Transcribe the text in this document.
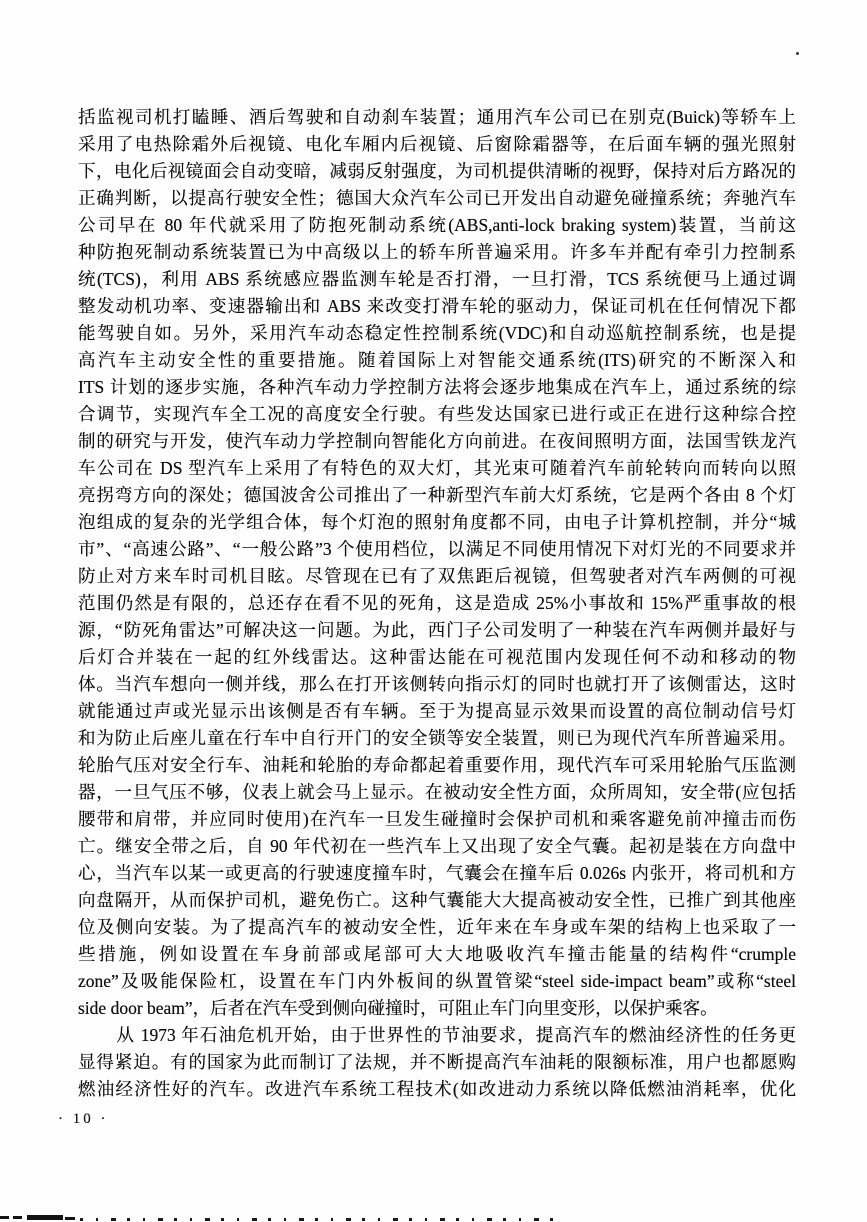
括监视司机打瞌睡、酒后驾驶和自动刹车装置；通用汽车公司已在别克(Buick)等轿车上
采用了电热除霜外后视镜、电化车厢内后视镜、后窗除霜器等，在后面车辆的强光照射
下，电化后视镜面会自动变暗，减弱反射强度，为司机提供清晰的视野，保持对后方路况的
正确判断，以提高行驶安全性；德国大众汽车公司已开发出自动避免碰撞系统；奔驰汽车
公司早在 80 年代就采用了防抱死制动系统(ABS,anti-lock braking system)装置，当前这
种防抱死制动系统装置已为中高级以上的轿车所普遍采用。许多车并配有牵引力控制系
统(TCS)，利用 ABS 系统感应器监测车轮是否打滑，一旦打滑，TCS 系统便马上通过调
整发动机功率、变速器输出和 ABS 来改变打滑车轮的驱动力，保证司机在任何情况下都
能驾驶自如。另外，采用汽车动态稳定性控制系统(VDC)和自动巡航控制系统，也是提
高汽车主动安全性的重要措施。随着国际上对智能交通系统(ITS)研究的不断深入和
ITS 计划的逐步实施，各种汽车动力学控制方法将会逐步地集成在汽车上，通过系统的综
合调节，实现汽车全工况的高度安全行驶。有些发达国家已进行或正在进行这种综合控
制的研究与开发，使汽车动力学控制向智能化方向前进。在夜间照明方面，法国雪铁龙汽
车公司在 DS 型汽车上采用了有特色的双大灯，其光束可随着汽车前轮转向而转向以照
亮拐弯方向的深处；德国波舍公司推出了一种新型汽车前大灯系统，它是两个各由 8 个灯
泡组成的复杂的光学组合体，每个灯泡的照射角度都不同，由电子计算机控制，并分“城
市”、“高速公路”、“一般公路”3 个使用档位，以满足不同使用情况下对灯光的不同要求并
防止对方来车时司机目眩。尽管现在已有了双焦距后视镜，但驾驶者对汽车两侧的可视
范围仍然是有限的，总还存在看不见的死角，这是造成 25%小事故和 15%严重事故的根
源，“防死角雷达”可解决这一问题。为此，西门子公司发明了一种装在汽车两侧并最好与
后灯合并装在一起的红外线雷达。这种雷达能在可视范围内发现任何不动和移动的物
体。当汽车想向一侧并线，那么在打开该侧转向指示灯的同时也就打开了该侧雷达，这时
就能通过声或光显示出该侧是否有车辆。至于为提高显示效果而设置的高位制动信号灯
和为防止后座儿童在行车中自行开门的安全锁等安全装置，则已为现代汽车所普遍采用。
轮胎气压对安全行车、油耗和轮胎的寿命都起着重要作用，现代汽车可采用轮胎气压监测
器，一旦气压不够，仪表上就会马上显示。在被动安全性方面，众所周知，安全带(应包括
腰带和肩带，并应同时使用)在汽车一旦发生碰撞时会保护司机和乘客避免前冲撞击而伤
亡。继安全带之后，自 90 年代初在一些汽车上又出现了安全气囊。起初是装在方向盘中
心，当汽车以某一或更高的行驶速度撞车时，气囊会在撞车后 0.026s 内张开，将司机和方
向盘隔开，从而保护司机，避免伤亡。这种气囊能大大提高被动安全性，已推广到其他座
位及侧向安装。为了提高汽车的被动安全性，近年来在车身或车架的结构上也采取了一
些措施，例如设置在车身前部或尾部可大大地吸收汽车撞击能量的结构件“crumple
zone”及吸能保险杠，设置在车门内外板间的纵置管梁“steel side-impact beam”或称“steel
side door beam”，后者在汽车受到侧向碰撞时，可阻止车门向里变形，以保护乘客。
从 1973 年石油危机开始，由于世界性的节油要求，提高汽车的燃油经济性的任务更
显得紧迫。有的国家为此而制订了法规，并不断提高汽车油耗的限额标准，用户也都愿购
燃油经济性好的汽车。改进汽车系统工程技术(如改进动力系统以降低燃油消耗率，优化
· 10 ·
